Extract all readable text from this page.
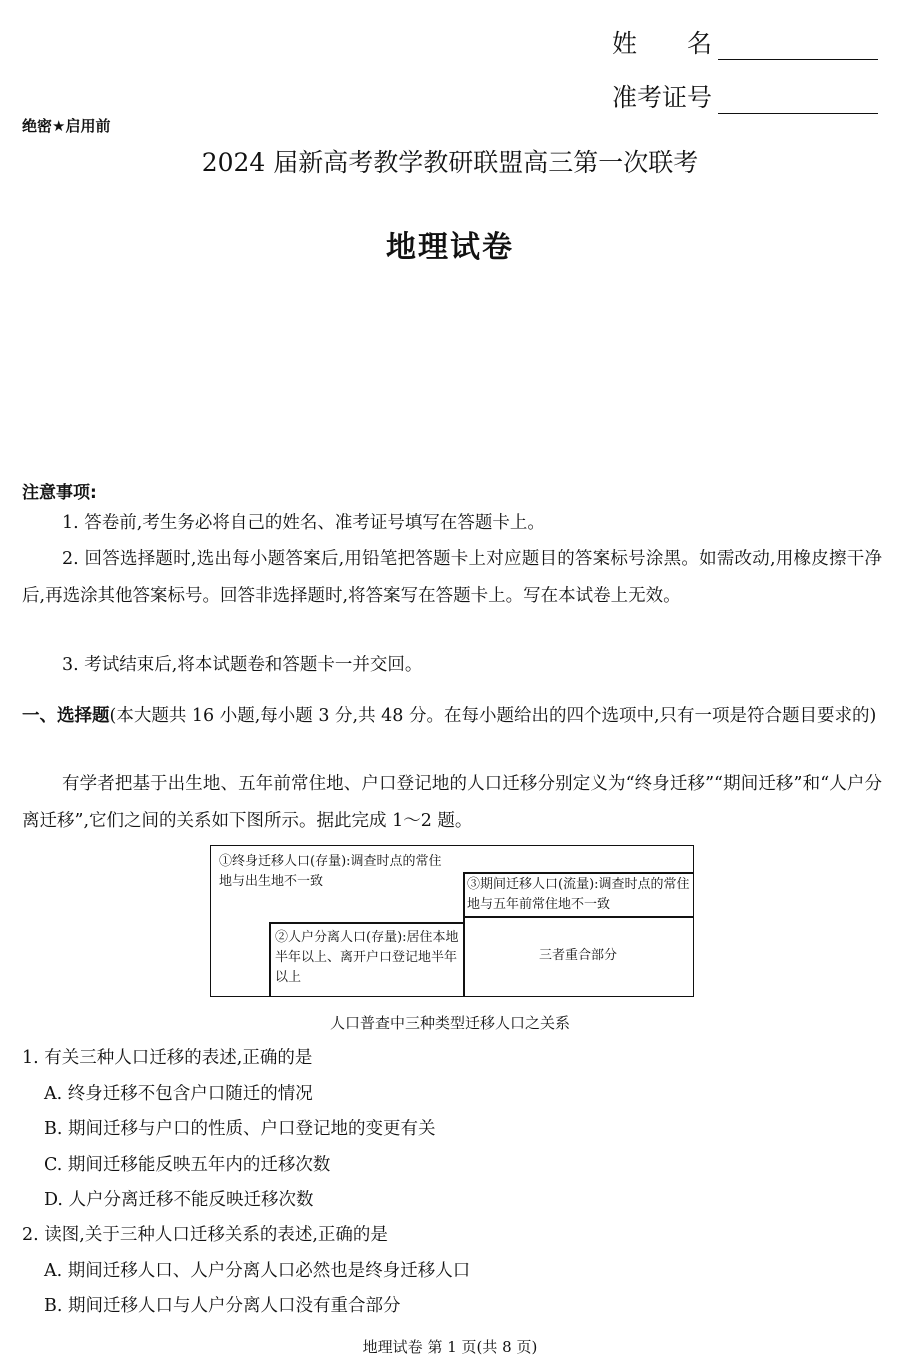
姓　　名
准考证号
绝密★启用前
2024 届新高考教学教研联盟高三第一次联考
地理试卷
注意事项:
1. 答卷前,考生务必将自己的姓名、准考证号填写在答题卡上。
2. 回答选择题时,选出每小题答案后,用铅笔把答题卡上对应题目的答案标号涂黑。如需改动,用橡皮擦干净后,再选涂其他答案标号。回答非选择题时,将答案写在答题卡上。写在本试卷上无效。
3. 考试结束后,将本试题卷和答题卡一并交回。
一、选择题(本大题共 16 小题,每小题 3 分,共 48 分。在每小题给出的四个选项中,只有一项是符合题目要求的)
有学者把基于出生地、五年前常住地、户口登记地的人口迁移分别定义为“终身迁移”“期间迁移”和“人户分离迁移”,它们之间的关系如下图所示。据此完成 1～2 题。
①终身迁移人口(存量):调查时点的常住地与出生地不一致	③期间迁移人口(流量):调查时点的常住地与五年前常住地不一致
②人户分离人口(存量):居住本地半年以上、离开户口登记地半年以上
三者重合部分
人口普查中三种类型迁移人口之关系
1. 有关三种人口迁移的表述,正确的是
A. 终身迁移不包含户口随迁的情况
B. 期间迁移与户口的性质、户口登记地的变更有关
C. 期间迁移能反映五年内的迁移次数
D. 人户分离迁移不能反映迁移次数
2. 读图,关于三种人口迁移关系的表述,正确的是
A. 期间迁移人口、人户分离人口必然也是终身迁移人口
B. 期间迁移人口与人户分离人口没有重合部分
地理试卷 第 1 页(共 8 页)
